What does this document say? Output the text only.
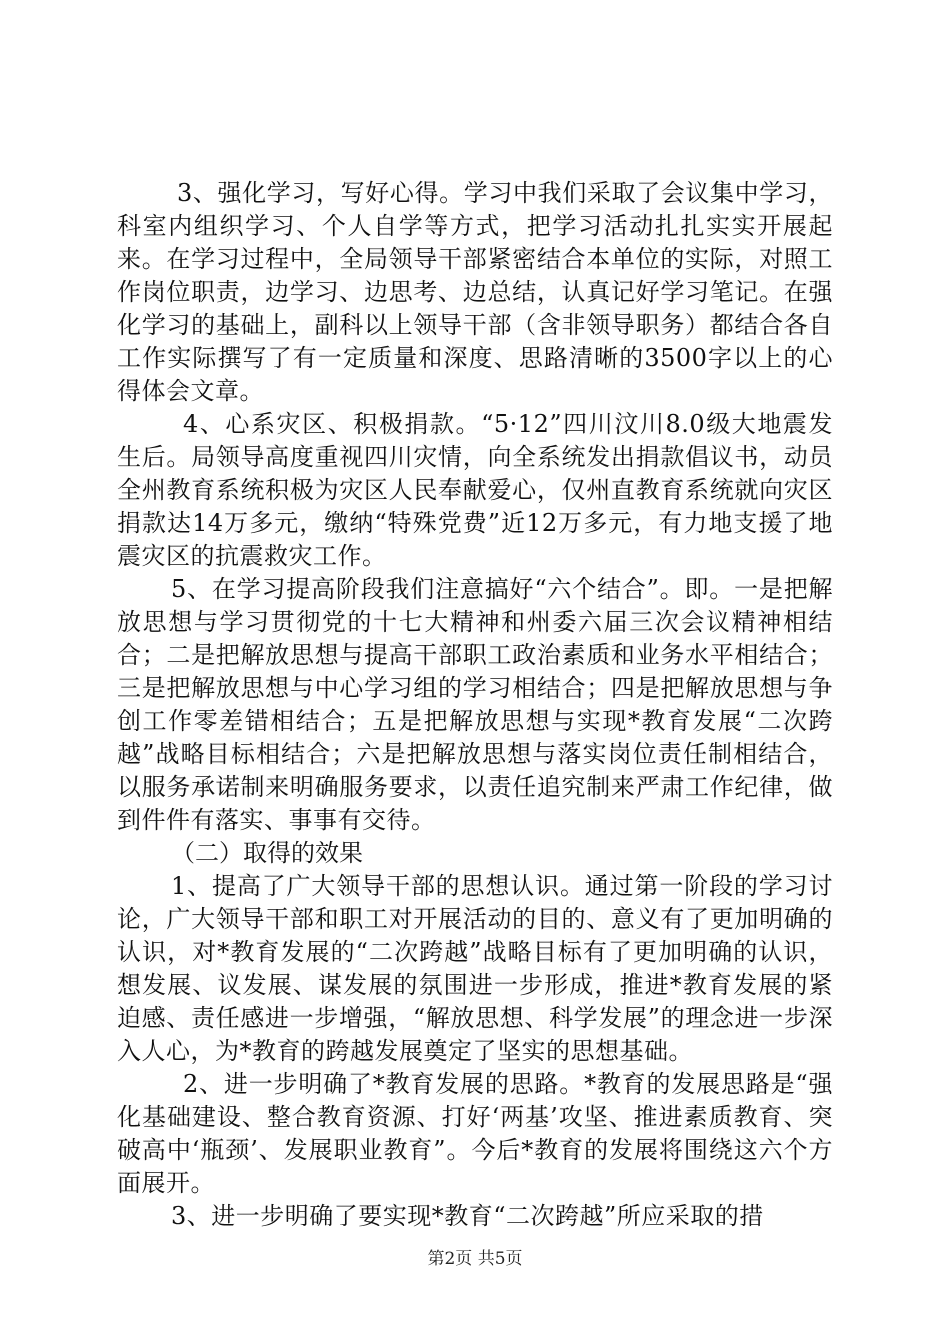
3、强化学习，写好心得。学习中我们采取了会议集中学习，科室内组织学习、个人自学等方式，把学习活动扎扎实实开展起来。在学习过程中，全局领导干部紧密结合本单位的实际，对照工作岗位职责，边学习、边思考、边总结，认真记好学习笔记。在强化学习的基础上，副科以上领导干部（含非领导职务）都结合各自工作实际撰写了有一定质量和深度、思路清晰的3500字以上的心得体会文章。

4、心系灾区、积极捐款。“5·12”四川汶川8.0级大地震发生后。局领导高度重视四川灾情，向全系统发出捐款倡议书，动员全州教育系统积极为灾区人民奉献爱心，仅州直教育系统就向灾区捐款达14万多元，缴纳“特殊党费”近12万多元，有力地支援了地震灾区的抗震救灾工作。

5、在学习提高阶段我们注意搞好“六个结合”。即。一是把解放思想与学习贯彻党的十七大精神和州委六届三次会议精神相结合；二是把解放思想与提高干部职工政治素质和业务水平相结合；三是把解放思想与中心学习组的学习相结合；四是把解放思想与争创工作零差错相结合；五是把解放思想与实现*教育发展“二次跨越”战略目标相结合；六是把解放思想与落实岗位责任制相结合，以服务承诺制来明确服务要求，以责任追究制来严肃工作纪律，做到件件有落实、事事有交待。

（二）取得的效果

1、提高了广大领导干部的思想认识。通过第一阶段的学习讨论，广大领导干部和职工对开展活动的目的、意义有了更加明确的认识，对*教育发展的“二次跨越”战略目标有了更加明确的认识，想发展、议发展、谋发展的氛围进一步形成，推进*教育发展的紧迫感、责任感进一步增强，“解放思想、科学发展”的理念进一步深入人心，为*教育的跨越发展奠定了坚实的思想基础。

2、进一步明确了*教育发展的思路。*教育的发展思路是“强化基础建设、整合教育资源、打好‘两基’攻坚、推进素质教育、突破高中‘瓶颈’、发展职业教育”。今后*教育的发展将围绕这六个方面展开。

3、进一步明确了要实现*教育“二次跨越”所应采取的措

第2页 共5页
